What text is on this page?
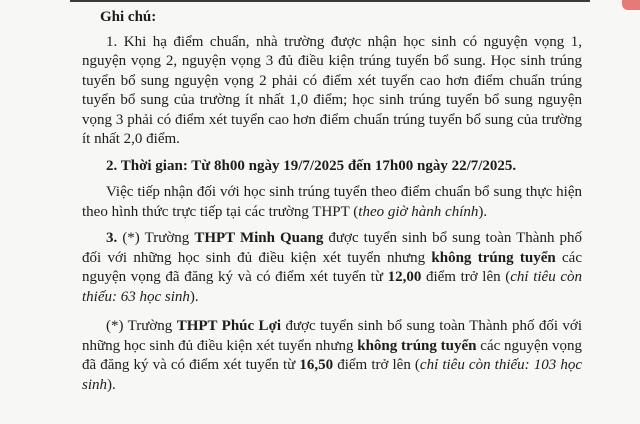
Ghi chú:

1. Khi hạ điểm chuẩn, nhà trường được nhận học sinh có nguyện vọng 1, nguyện vọng 2, nguyện vọng 3 đủ điều kiện trúng tuyển bổ sung. Học sinh trúng tuyển bổ sung nguyện vọng 2 phải có điểm xét tuyển cao hơn điểm chuẩn trúng tuyển bổ sung của trường ít nhất 1,0 điểm; học sinh trúng tuyển bổ sung nguyện vọng 3 phải có điểm xét tuyển cao hơn điểm chuẩn trúng tuyển bổ sung của trường ít nhất 2,0 điểm.

2. Thời gian: Từ 8h00 ngày 19/7/2025 đến 17h00 ngày 22/7/2025.

Việc tiếp nhận đối với học sinh trúng tuyển theo điểm chuẩn bổ sung thực hiện theo hình thức trực tiếp tại các trường THPT (theo giờ hành chính).

3. (*) Trường THPT Minh Quang được tuyển sinh bổ sung toàn Thành phố đối với những học sinh đủ điều kiện xét tuyển nhưng không trúng tuyển các nguyện vọng đã đăng ký và có điểm xét tuyển từ 12,00 điểm trở lên (chỉ tiêu còn thiếu: 63 học sinh).

(*) Trường THPT Phúc Lợi được tuyển sinh bổ sung toàn Thành phố đối với những học sinh đủ điều kiện xét tuyển nhưng không trúng tuyển các nguyện vọng đã đăng ký và có điểm xét tuyển từ 16,50 điểm trở lên (chỉ tiêu còn thiếu: 103 học sinh).
